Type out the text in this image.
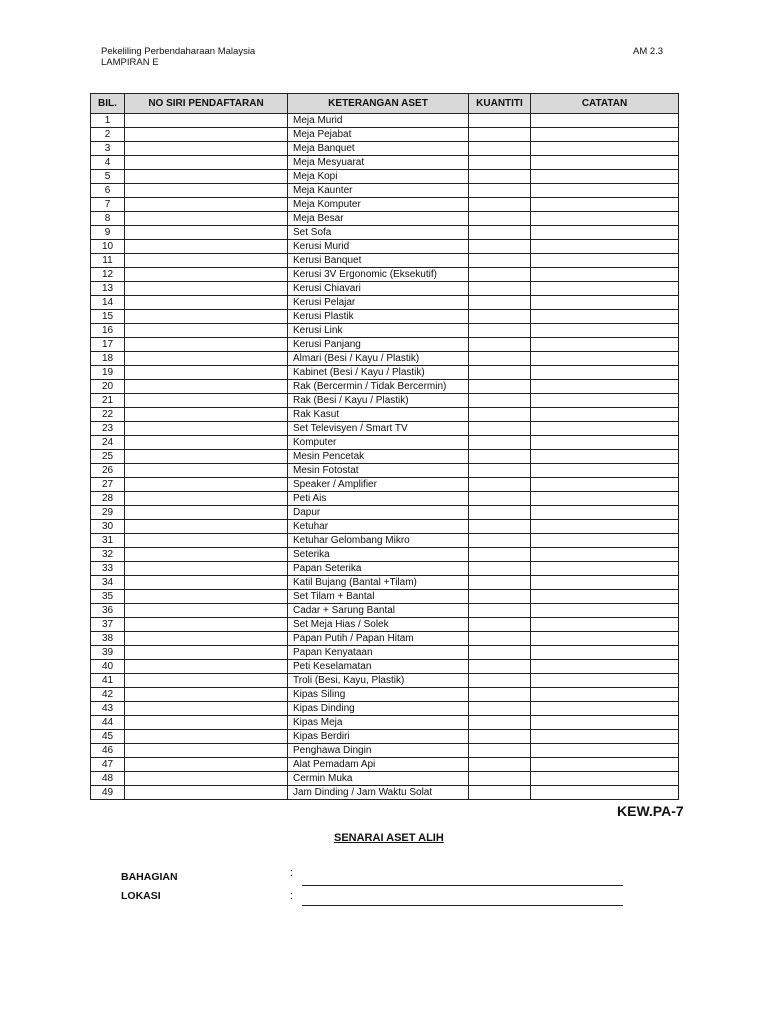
Pekeliling Perbendaharaan Malaysia
LAMPIRAN E
AM 2.3
BIL.	NO SIRI PENDAFTARAN	KETERANGAN ASET	KUANTITI	CATATAN
1		Meja Murid		
2		Meja Pejabat		
3		Meja Banquet		
4		Meja Mesyuarat		
5		Meja Kopi		
6		Meja Kaunter		
7		Meja Komputer		
8		Meja Besar		
9		Set Sofa		
10		Kerusi Murid		
11		Kerusi Banquet		
12		Kerusi 3V Ergonomic (Eksekutif)		
13		Kerusi Chiavari		
14		Kerusi Pelajar		
15		Kerusi Plastik		
16		Kerusi Link		
17		Kerusi Panjang		
18		Almari (Besi / Kayu / Plastik)		
19		Kabinet (Besi / Kayu / Plastik)		
20		Rak (Bercermin / Tidak Bercermin)		
21		Rak (Besi / Kayu / Plastik)		
22		Rak Kasut		
23		Set Televisyen / Smart TV		
24		Komputer		
25		Mesin Pencetak		
26		Mesin Fotostat		
27		Speaker / Amplifier		
28		Peti Ais		
29		Dapur		
30		Ketuhar		
31		Ketuhar Gelombang Mikro		
32		Seterika		
33		Papan Seterika		
34		Katil Bujang (Bantal +Tilam)		
35		Set Tilam + Bantal		
36		Cadar + Sarung Bantal		
37		Set Meja Hias / Solek		
38		Papan Putih / Papan Hitam		
39		Papan Kenyataan		
40		Peti Keselamatan		
41		Troli (Besi, Kayu, Plastik)		
42		Kipas Siling		
43		Kipas Dinding		
44		Kipas Meja		
45		Kipas Berdiri		
46		Penghawa Dingin		
47		Alat Pemadam Api		
48		Cermin Muka		
49		Jam Dinding / Jam Waktu Solat		
KEW.PA-7
SENARAI ASET ALIH
BAHAGIAN	:
LOKASI	:
